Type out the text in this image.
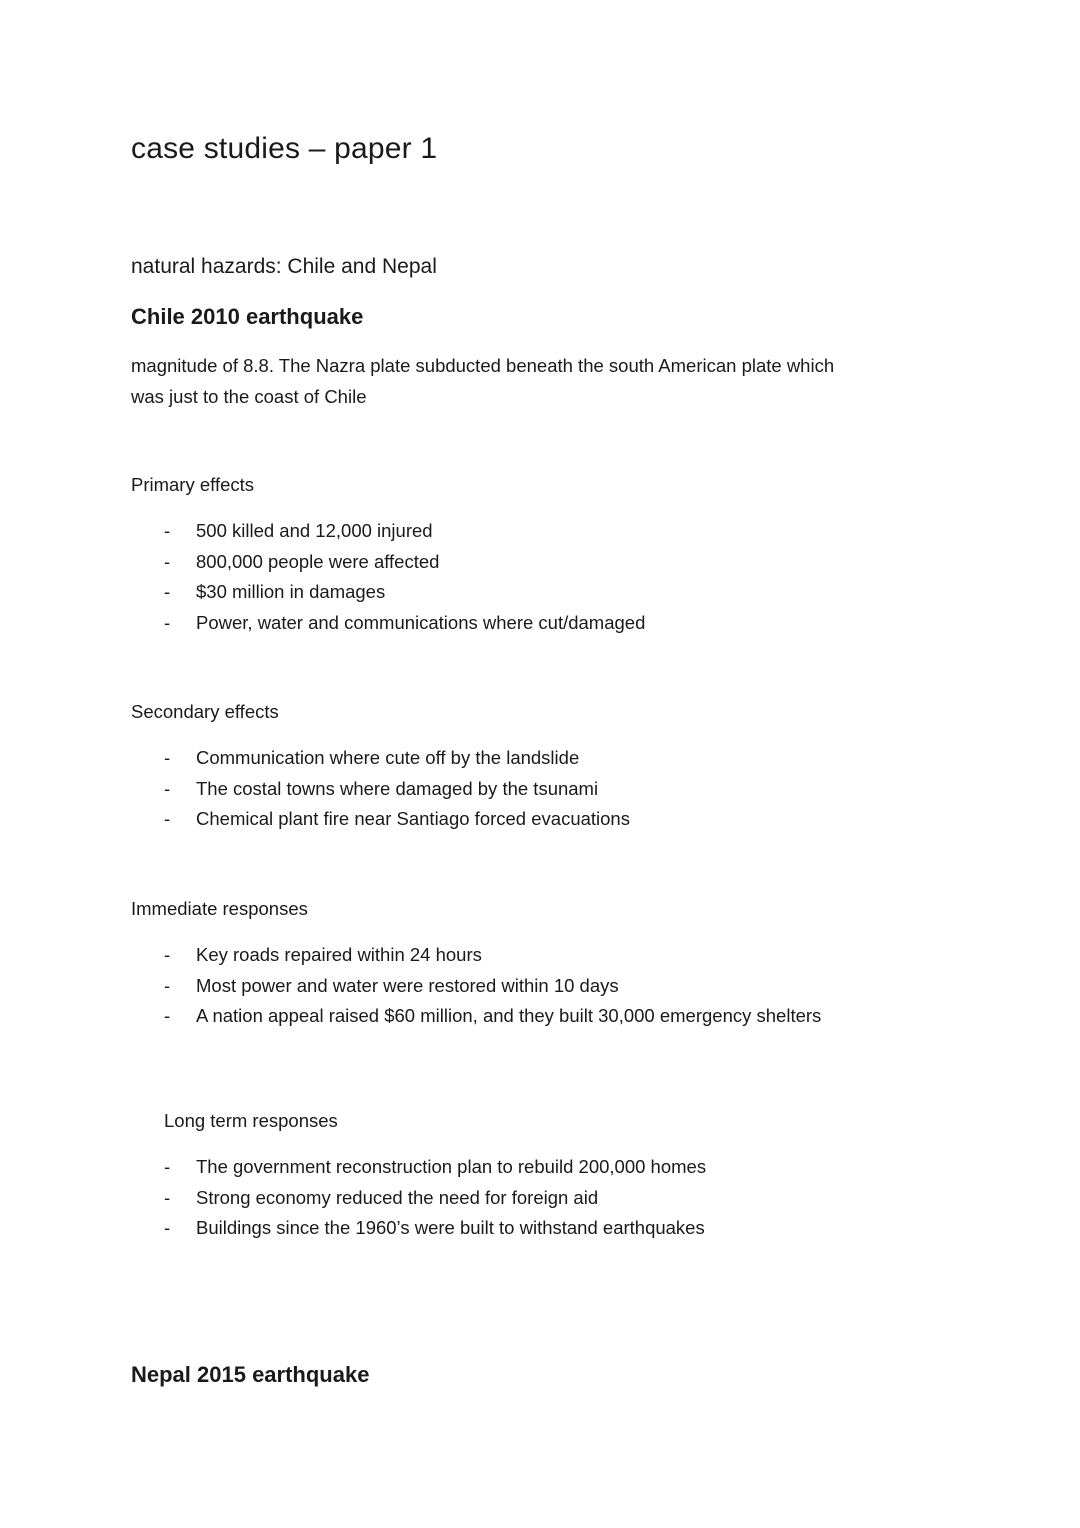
case studies – paper 1
natural hazards: Chile and Nepal
Chile 2010 earthquake
magnitude of 8.8. The Nazra plate subducted beneath the south American plate which
was just to the coast of Chile
Primary effects
- 500 killed and 12,000 injured
- 800,000 people were affected
- $30 million in damages
- Power, water and communications where cut/damaged
Secondary effects
- Communication where cute off by the landslide
- The costal towns where damaged by the tsunami
- Chemical plant fire near Santiago forced evacuations
Immediate responses
- Key roads repaired within 24 hours
- Most power and water were restored within 10 days
- A nation appeal raised $60 million, and they built 30,000 emergency shelters
Long term responses
- The government reconstruction plan to rebuild 200,000 homes
- Strong economy reduced the need for foreign aid
- Buildings since the 1960’s were built to withstand earthquakes
Nepal 2015 earthquake
